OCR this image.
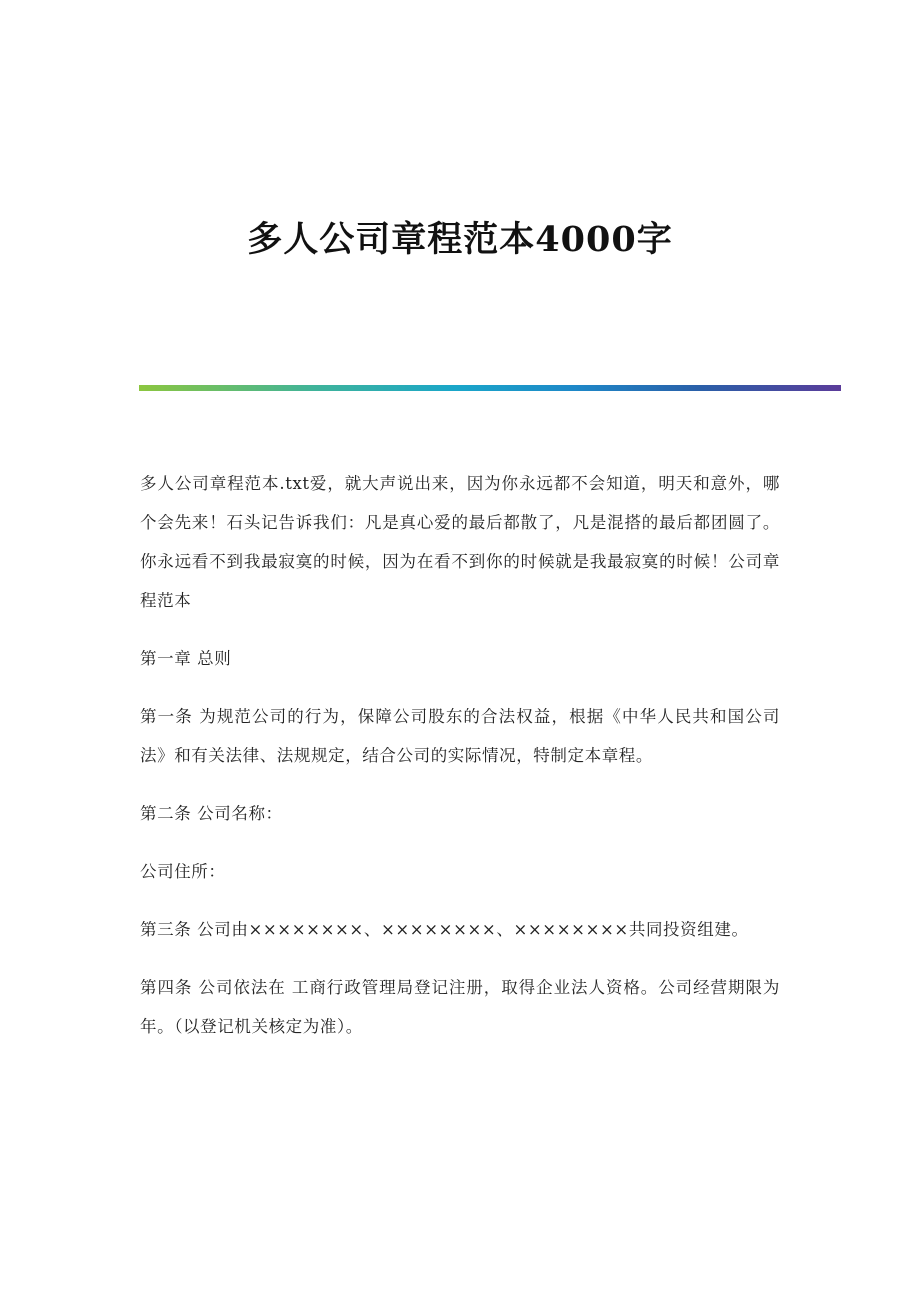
多人公司章程范本4000字

多人公司章程范本.txt爱，就大声说出来，因为你永远都不会知道，明天和意外，哪个会先来！石头记告诉我们：凡是真心爱的最后都散了，凡是混搭的最后都团圆了。你永远看不到我最寂寞的时候，因为在看不到你的时候就是我最寂寞的时候！公司章程范本

第一章 总则

第一条 为规范公司的行为，保障公司股东的合法权益，根据《中华人民共和国公司法》和有关法律、法规规定，结合公司的实际情况，特制定本章程。

第二条 公司名称：

公司住所：

第三条 公司由××××××××、××××××××、××××××××共同投资组建。

第四条 公司依法在 工商行政管理局登记注册，取得企业法人资格。公司经营期限为 年。（以登记机关核定为准）。
